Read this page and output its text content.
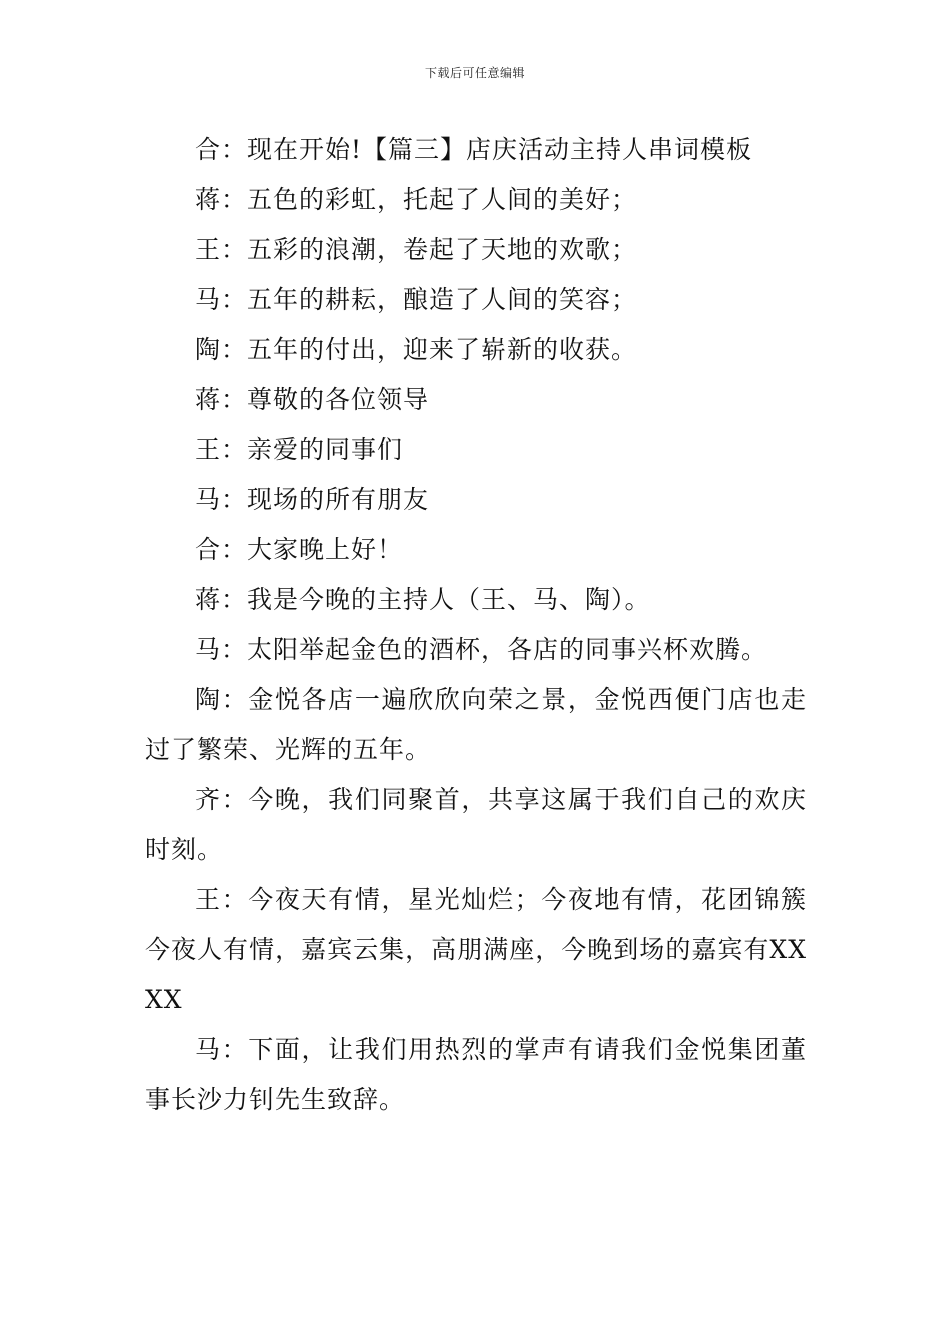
下载后可任意编辑

合：现在开始!【篇三】店庆活动主持人串词模板

蒋：五色的彩虹，托起了人间的美好；

王：五彩的浪潮，卷起了天地的欢歌；

马：五年的耕耘，酿造了人间的笑容；

陶：五年的付出，迎来了崭新的收获。

蒋：尊敬的各位领导

王：亲爱的同事们

马：现场的所有朋友

合：大家晚上好！

蒋：我是今晚的主持人（王、马、陶）。

马：太阳举起金色的酒杯，各店的同事兴杯欢腾。

陶：金悦各店一遍欣欣向荣之景，金悦西便门店也走过了繁荣、光辉的五年。

齐：今晚，我们同聚首，共享这属于我们自己的欢庆时刻。

王：今夜天有情，星光灿烂；今夜地有情，花团锦簇今夜人有情，嘉宾云集，高朋满座，今晚到场的嘉宾有XXXX

马：下面，让我们用热烈的掌声有请我们金悦集团董事长沙力钊先生致辞。
